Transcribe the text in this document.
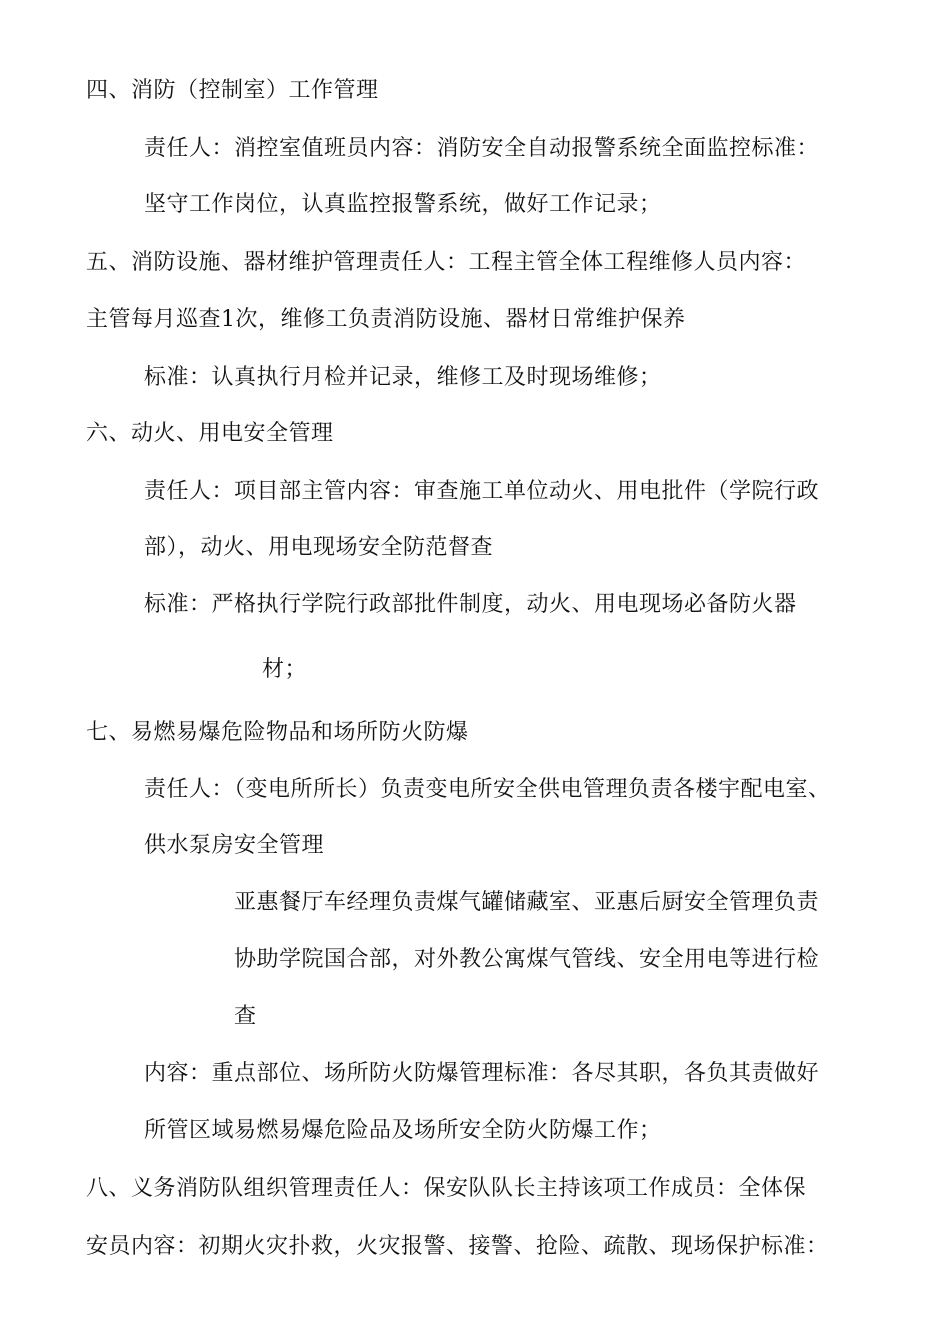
四、消防（控制室）工作管理
责任人：消控室值班员内容：消防安全自动报警系统全面监控标准：
坚守工作岗位，认真监控报警系统，做好工作记录；
五、消防设施、器材维护管理责任人：工程主管全体工程维修人员内容：
主管每月巡查1次，维修工负责消防设施、器材日常维护保养
标准：认真执行月检并记录，维修工及时现场维修；
六、动火、用电安全管理
责任人：项目部主管内容：审查施工单位动火、用电批件（学院行政
部），动火、用电现场安全防范督查
标准：严格执行学院行政部批件制度，动火、用电现场必备防火器
材；
七、易燃易爆危险物品和场所防火防爆
责任人：（变电所所长）负责变电所安全供电管理负责各楼宇配电室、
供水泵房安全管理
亚惠餐厅车经理负责煤气罐储藏室、亚惠后厨安全管理负责
协助学院国合部，对外教公寓煤气管线、安全用电等进行检
查
内容：重点部位、场所防火防爆管理标准：各尽其职，各负其责做好
所管区域易燃易爆危险品及场所安全防火防爆工作；
八、义务消防队组织管理责任人：保安队队长主持该项工作成员：全体保
安员内容：初期火灾扑救，火灾报警、接警、抢险、疏散、现场保护标准：
